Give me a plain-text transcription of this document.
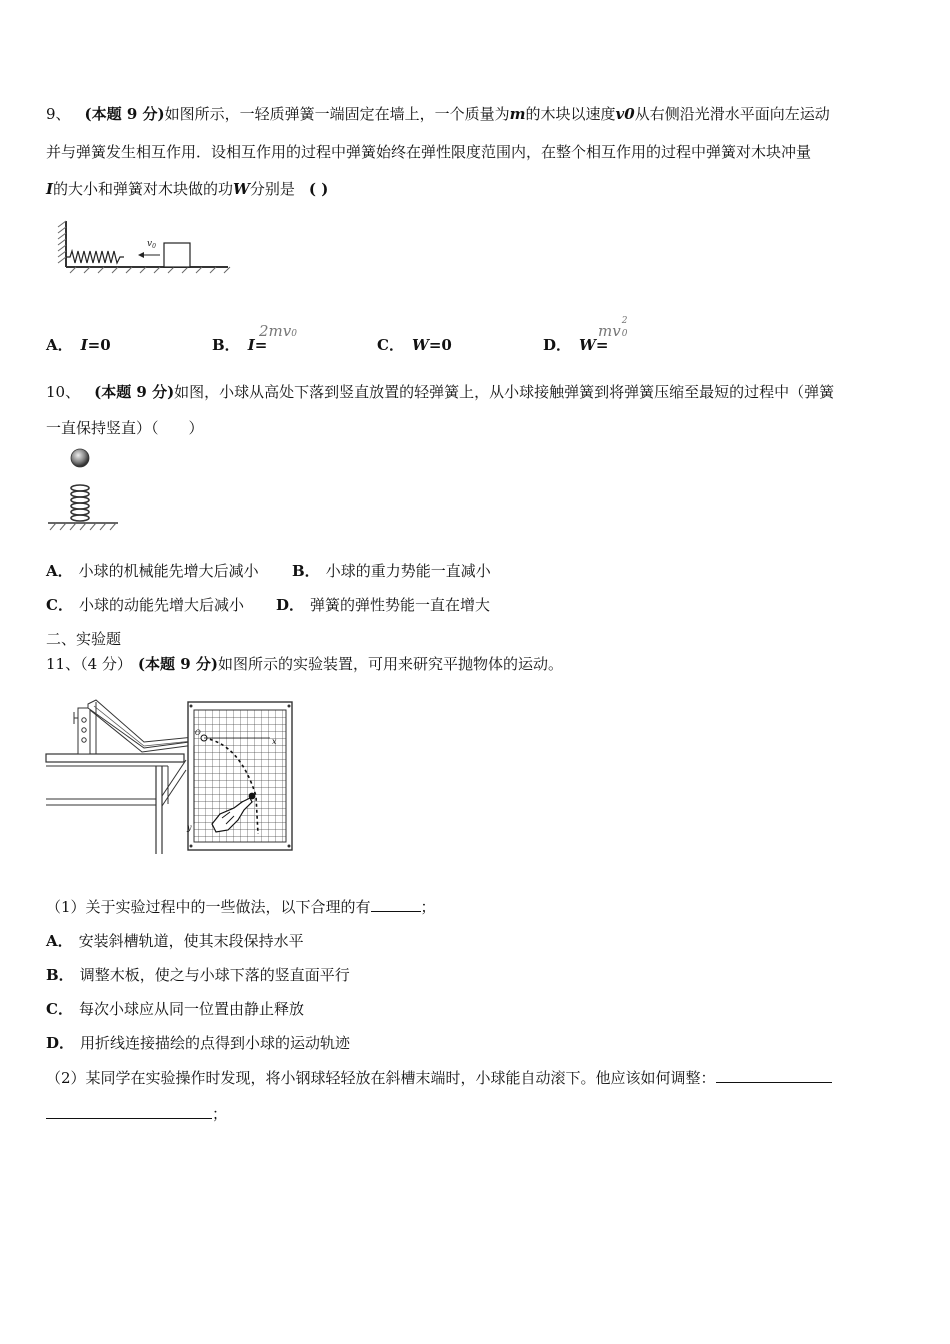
9、 (本题 9 分)如图所示，一轻质弹簧一端固定在墙上，一个质量为m的木块以速度v0从右侧沿光滑水平面向左运动
并与弹簧发生相互作用．设相互作用的过程中弹簧始终在弹性限度范围内，在整个相互作用的过程中弹簧对木块冲量
I的大小和弹簧对木块做的功W分别是 ( )
$v_0$
A． I=0	B． I=
2mv0
C． W=0	D． W=
mv
2
0
10、 (本题 9 分)如图，小球从高处下落到竖直放置的轻弹簧上，从小球接触弹簧到将弹簧压缩至最短的过程中（弹簧
一直保持竖直）（　　）
A． 小球的机械能先增大后减小 B． 小球的重力势能一直减小
C． 小球的动能先增大后减小 D． 弹簧的弹性势能一直在增大
二、实验题
11、（4 分） (本题 9 分)如图所示的实验装置，可用来研究平抛物体的运动。
x
y
O
（1）关于实验过程中的一些做法，以下合理的有	；
A． 安装斜槽轨道，使其末段保持水平
B． 调整木板，使之与小球下落的竖直面平行
C． 每次小球应从同一位置由静止释放
D． 用折线连接描绘的点得到小球的运动轨迹
（2）某同学在实验操作时发现，将小钢球轻轻放在斜槽末端时，小球能自动滚下。他应该如何调整：
；
